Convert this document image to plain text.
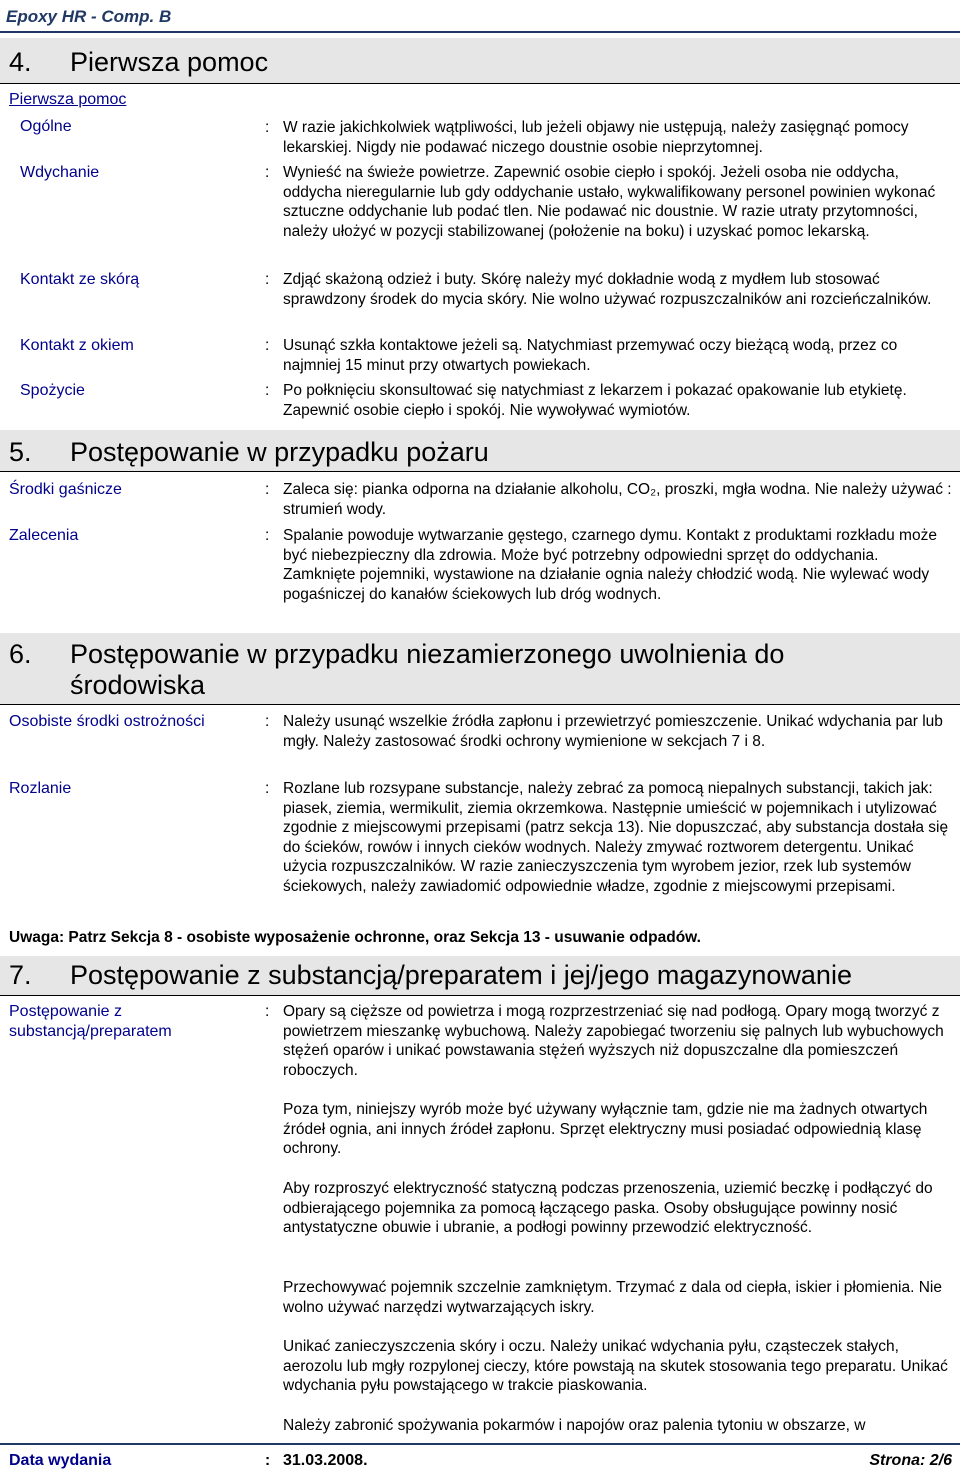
Epoxy HR - Comp. B
4. Pierwsza pomoc
Pierwsza pomoc
Ogólne	: W razie jakichkolwiek wątpliwości, lub jeżeli objawy nie ustępują, należy zasięgnąć pomocy lekarskiej. Nigdy nie podawać niczego doustnie osobie nieprzytomnej.
Wdychanie	: Wynieść na świeże powietrze. Zapewnić osobie ciepło i spokój. Jeżeli osoba nie oddycha, oddycha nieregularnie lub gdy oddychanie ustało, wykwalifikowany personel powinien wykonać sztuczne oddychanie lub podać tlen. Nie podawać nic doustnie. W razie utraty przytomności, należy ułożyć w pozycji stabilizowanej (położenie na boku) i uzyskać pomoc lekarską.
Kontakt ze skórą	: Zdjąć skażoną odzież i buty. Skórę należy myć dokładnie wodą z mydłem lub stosować sprawdzony środek do mycia skóry. Nie wolno używać rozpuszczalników ani rozcieńczalników.
Kontakt z okiem	: Usunąć szkła kontaktowe jeżeli są. Natychmiast przemywać oczy bieżącą wodą, przez co najmniej 15 minut przy otwartych powiekach.
Spożycie	: Po połknięciu skonsultować się natychmiast z lekarzem i pokazać opakowanie lub etykietę. Zapewnić osobie ciepło i spokój. Nie wywoływać wymiotów.
5. Postępowanie w przypadku pożaru
Środki gaśnicze	: Zaleca się: pianka odporna na działanie alkoholu, CO₂, proszki, mgła wodna. Nie należy używać : strumień wody.
Zalecenia	: Spalanie powoduje wytwarzanie gęstego, czarnego dymu. Kontakt z produktami rozkładu może być niebezpieczny dla zdrowia. Może być potrzebny odpowiedni sprzęt do oddychania. Zamknięte pojemniki, wystawione na działanie ognia należy chłodzić wodą. Nie wylewać wody pogaśniczej do kanałów ściekowych lub dróg wodnych.
6. Postępowanie w przypadku niezamierzonego uwolnienia do
środowiska
Osobiste środki ostrożności	: Należy usunąć wszelkie źródła zapłonu i przewietrzyć pomieszczenie. Unikać wdychania par lub mgły. Należy zastosować środki ochrony wymienione w sekcjach 7 i 8.
Rozlanie	: Rozlane lub rozsypane substancje, należy zebrać za pomocą niepalnych substancji, takich jak: piasek, ziemia, wermikulit, ziemia okrzemkowa. Następnie umieścić w pojemnikach i utylizować zgodnie z miejscowymi przepisami (patrz sekcja 13). Nie dopuszczać, aby substancja dostała się do ścieków, rowów i innych cieków wodnych. Należy zmywać roztworem detergentu. Unikać użycia rozpuszczalników. W razie zanieczyszczenia tym wyrobem jezior, rzek lub systemów ściekowych, należy zawiadomić odpowiednie władze, zgodnie z miejscowymi przepisami.
Uwaga: Patrz Sekcja 8 - osobiste wyposażenie ochronne, oraz Sekcja 13 - usuwanie odpadów.
7. Postępowanie z substancją/preparatem i jej/jego magazynowanie
Postępowanie z substancją/preparatem
: Opary są cięższe od powietrza i mogą rozprzestrzeniać się nad podłogą. Opary mogą tworzyć z powietrzem mieszankę wybuchową. Należy zapobiegać tworzeniu się palnych lub wybuchowych stężeń oparów i unikać powstawania stężeń wyższych niż dopuszczalne dla pomieszczeń roboczych.
Poza tym, niniejszy wyrób może być używany wyłącznie tam, gdzie nie ma żadnych otwartych źródeł ognia, ani innych źródeł zapłonu. Sprzęt elektryczny musi posiadać odpowiednią klasę ochrony.
Aby rozproszyć elektryczność statyczną podczas przenoszenia, uziemić beczkę i podłączyć do odbierającego pojemnika za pomocą łączącego paska. Osoby obsługujące powinny nosić antystatyczne obuwie i ubranie, a podłogi powinny przewodzić elektryczność.
Przechowywać pojemnik szczelnie zamkniętym. Trzymać z dala od ciepła, iskier i płomienia. Nie wolno używać narzędzi wytwarzających iskry.
Unikać zanieczyszczenia skóry i oczu. Należy unikać wdychania pyłu, cząsteczek stałych, aerozolu lub mgły rozpylonej cieczy, które powstają na skutek stosowania tego preparatu. Unikać wdychania pyłu powstającego w trakcie piaskowania.
Należy zabronić spożywania pokarmów i napojów oraz palenia tytoniu w obszarze, w
Data wydania	: 31.03.2008.	Strona: 2/6
